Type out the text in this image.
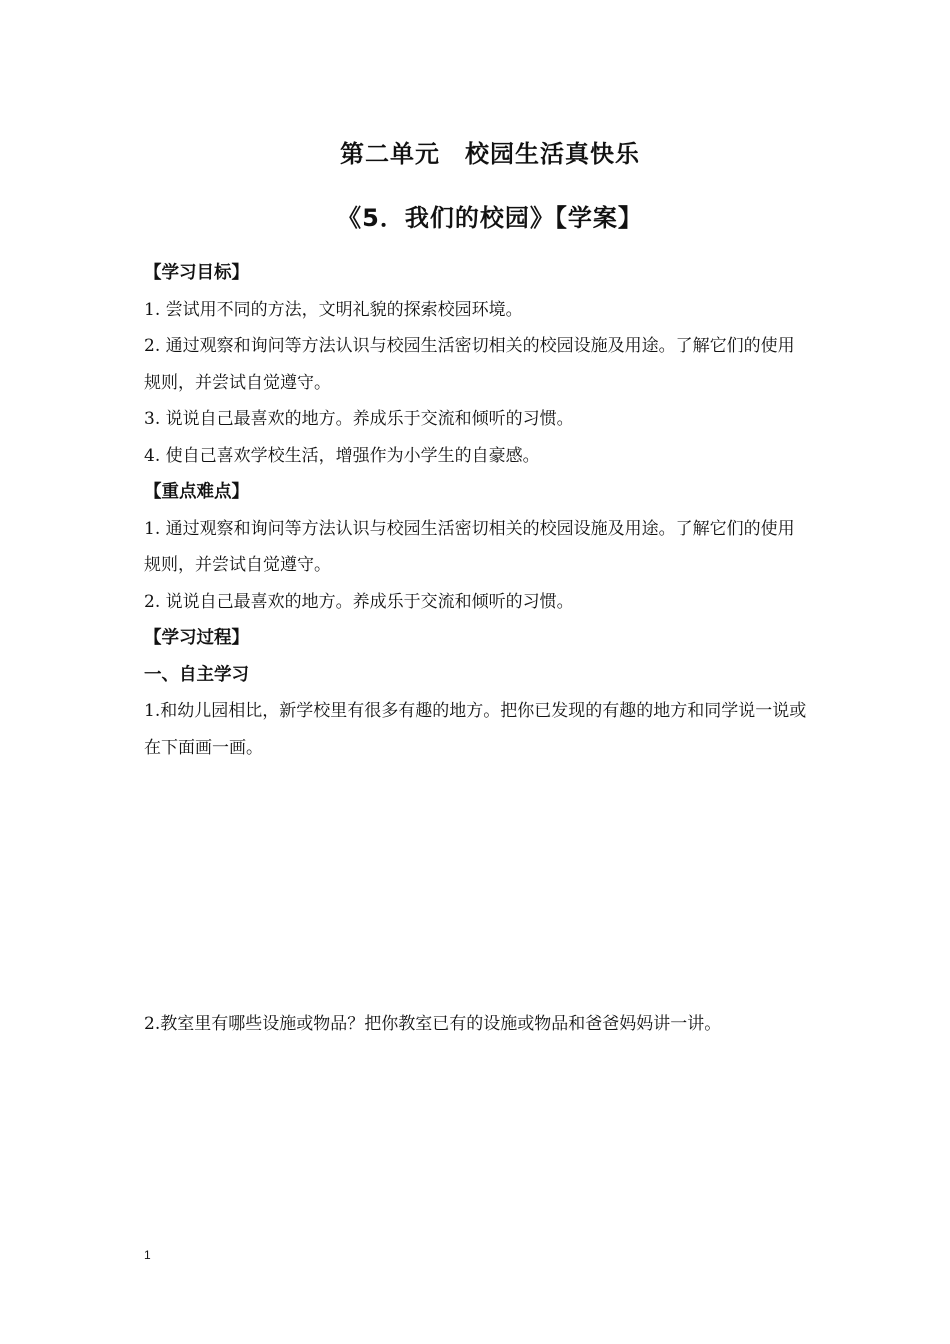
第二单元　校园生活真快乐
《5．我们的校园》【学案】

【学习目标】

1. 尝试用不同的方法，文明礼貌的探索校园环境。

2. 通过观察和询问等方法认识与校园生活密切相关的校园设施及用途。了解它们的使用规则，并尝试自觉遵守。

3. 说说自己最喜欢的地方。养成乐于交流和倾听的习惯。

4. 使自己喜欢学校生活，增强作为小学生的自豪感。

【重点难点】

1. 通过观察和询问等方法认识与校园生活密切相关的校园设施及用途。了解它们的使用规则，并尝试自觉遵守。

2. 说说自己最喜欢的地方。养成乐于交流和倾听的习惯。

【学习过程】

一、自主学习

1.和幼儿园相比，新学校里有很多有趣的地方。把你已发现的有趣的地方和同学说一说或在下面画一画。

2.教室里有哪些设施或物品？把你教室已有的设施或物品和爸爸妈妈讲一讲。

1
